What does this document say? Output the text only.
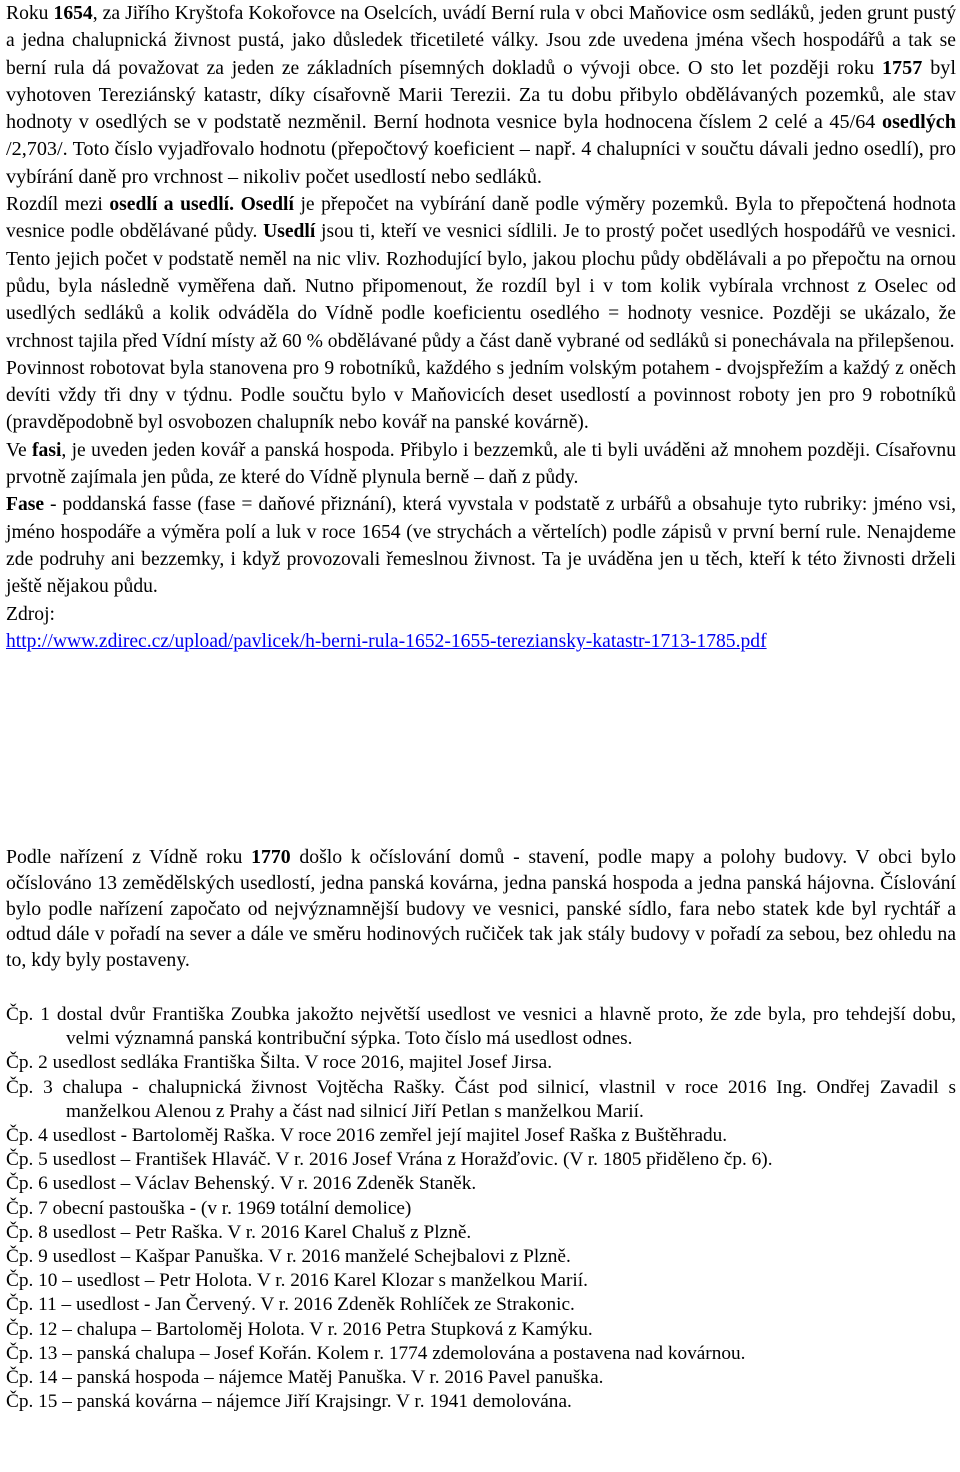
Roku 1654, za Jiřího Kryštofa Kokořovce na Oselcích, uvádí Berní rula v obci Maňovice osm sedláků, jeden grunt pustý a jedna chalupnická živnost pustá, jako důsledek třicetileté války. Jsou zde uvedena jména všech hospodářů a tak se berní rula dá považovat za jeden ze základních písemných dokladů o vývoji obce. O sto let později roku 1757 byl vyhotoven Tereziánský katastr, díky císařovně Marii Terezii. Za tu dobu přibylo obdělávaných pozemků, ale stav hodnoty v osedlých se v podstatě nezměnil. Berní hodnota vesnice byla hodnocena číslem 2 celé a 45/64 osedlých /2,703/. Toto číslo vyjadřovalo hodnotu (přepočtový koeficient – např. 4 chalupníci v součtu dávali jedno osedlí), pro vybírání daně pro vrchnost – nikoliv počet usedlostí nebo sedláků.

Rozdíl mezi osedlí a usedlí. Osedlí je přepočet na vybírání daně podle výměry pozemků. Byla to přepočtená hodnota vesnice podle obdělávané půdy. Usedlí jsou ti, kteří ve vesnici sídlili. Je to prostý počet usedlých hospodářů ve vesnici. Tento jejich počet v podstatě neměl na nic vliv. Rozhodující bylo, jakou plochu půdy obdělávali a po přepočtu na ornou půdu, byla následně vyměřena daň. Nutno připomenout, že rozdíl byl i v tom kolik vybírala vrchnost z Oselec od usedlých sedláků a kolik odváděla do Vídně podle koeficientu osedlého = hodnoty vesnice. Později se ukázalo, že vrchnost tajila před Vídní místy až 60 % obdělávané půdy a část daně vybrané od sedláků si ponechávala na přilepšenou.

Povinnost robotovat byla stanovena pro 9 robotníků, každého s jedním volským potahem - dvojspřežím a každý z oněch devíti vždy tři dny v týdnu. Podle součtu bylo v Maňovicích deset usedlostí a povinnost roboty jen pro 9 robotníků (pravděpodobně byl osvobozen chalupník nebo kovář na panské kovárně).

Ve fasi, je uveden jeden kovář a panská hospoda. Přibylo i bezzemků, ale ti byli uváděni až mnohem později. Císařovnu prvotně zajímala jen půda, ze které do Vídně plynula berně – daň z půdy.

Fase - poddanská fasse (fase = daňové přiznání), která vyvstala v podstatě z urbářů a obsahuje tyto rubriky: jméno vsi, jméno hospodáře a výměra polí a luk v roce 1654 (ve strychách a věrtelích) podle zápisů v první berní rule. Nenajdeme zde podruhy ani bezzemky, i když provozovali řemeslnou živnost. Ta je uváděna jen u těch, kteří k této živnosti drželi ještě nějakou půdu.

Zdroj:

http://www.zdirec.cz/upload/pavlicek/h-berni-rula-1652-1655-tereziansky-katastr-1713-1785.pdf

Podle nařízení z Vídně roku 1770 došlo k očíslování domů - stavení, podle mapy a polohy budovy. V obci bylo očíslováno 13 zemědělských usedlostí, jedna panská kovárna, jedna panská hospoda a jedna panská hájovna. Číslování bylo podle nařízení započato od nejvýznamnější budovy ve vesnici, panské sídlo, fara nebo statek kde byl rychtář a odtud dále v pořadí na sever a dále ve směru hodinových ručiček tak jak stály budovy v pořadí za sebou, bez ohledu na to, kdy byly postaveny.

Čp. 1 dostal dvůr Františka Zoubka jakožto největší usedlost ve vesnici a hlavně proto, že zde byla, pro tehdejší dobu, velmi významná panská kontribuční sýpka. Toto číslo má usedlost odnes.

Čp. 2 usedlost sedláka Františka Šilta. V roce 2016, majitel Josef Jirsa.

Čp. 3 chalupa - chalupnická živnost Vojtěcha Rašky. Část pod silnicí, vlastnil v roce 2016 Ing. Ondřej Zavadil s manželkou Alenou z Prahy a část nad silnicí Jiří Petlan s manželkou Marií.

Čp. 4 usedlost - Bartoloměj Raška. V roce 2016 zemřel její majitel Josef Raška z Buštěhradu.

Čp. 5 usedlost – František Hlaváč. V r. 2016 Josef Vrána z Horažďovic. (V r. 1805 přiděleno čp. 6).

Čp. 6 usedlost – Václav Behenský. V r. 2016 Zdeněk Staněk.

Čp. 7 obecní pastouška - (v r. 1969 totální demolice)

Čp. 8 usedlost – Petr Raška. V r. 2016 Karel Chaluš z Plzně.

Čp. 9 usedlost – Kašpar Panuška. V r. 2016 manželé Schejbalovi z Plzně.

Čp. 10 – usedlost – Petr Holota. V r. 2016 Karel Klozar s manželkou Marií.

Čp. 11 – usedlost - Jan Červený. V r. 2016 Zdeněk Rohlíček ze Strakonic.

Čp. 12 – chalupa – Bartoloměj Holota. V r. 2016 Petra Stupková z Kamýku.

Čp. 13 – panská chalupa – Josef Kořán. Kolem r. 1774 zdemolována a postavena nad kovárnou.

Čp. 14 – panská hospoda – nájemce Matěj Panuška. V r. 2016 Pavel panuška.

Čp. 15 – panská kovárna – nájemce Jiří Krajsingr. V r. 1941 demolována.
